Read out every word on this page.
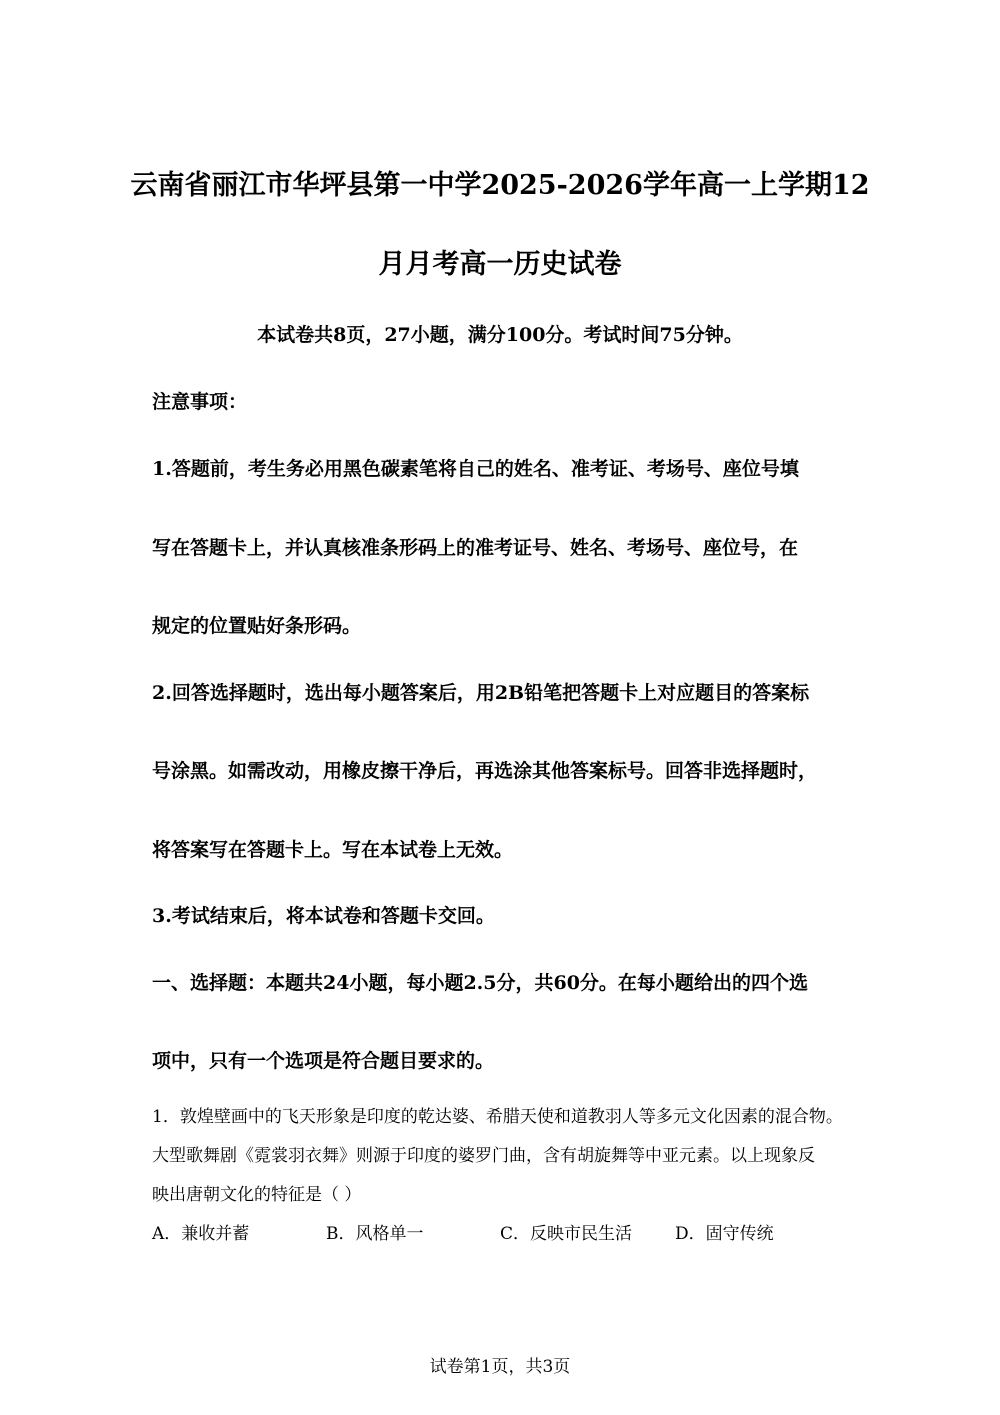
云南省丽江市华坪县第一中学2025-2026学年高一上学期12
月月考高一历史试卷
本试卷共8页，27小题，满分100分。考试时间75分钟。
注意事项：
1.答题前，考生务必用黑色碳素笔将自己的姓名、准考证、考场号、座位号填
写在答题卡上，并认真核准条形码上的准考证号、姓名、考场号、座位号，在
规定的位置贴好条形码。
2.回答选择题时，选出每小题答案后，用2B铅笔把答题卡上对应题目的答案标
号涂黑。如需改动，用橡皮擦干净后，再选涂其他答案标号。回答非选择题时，
将答案写在答题卡上。写在本试卷上无效。
3.考试结束后，将本试卷和答题卡交回。
一、选择题：本题共24小题，每小题2.5分，共60分。在每小题给出的四个选
项中，只有一个选项是符合题目要求的。
1．敦煌壁画中的飞天形象是印度的乾达婆、希腊天使和道教羽人等多元文化因素的混合物。
大型歌舞剧《霓裳羽衣舞》则源于印度的婆罗门曲，含有胡旋舞等中亚元素。以上现象反
映出唐朝文化的特征是（ ）
A．兼收并蓄	B．风格单一	C．反映市民生活	D．固守传统
试卷第1页，共3页
